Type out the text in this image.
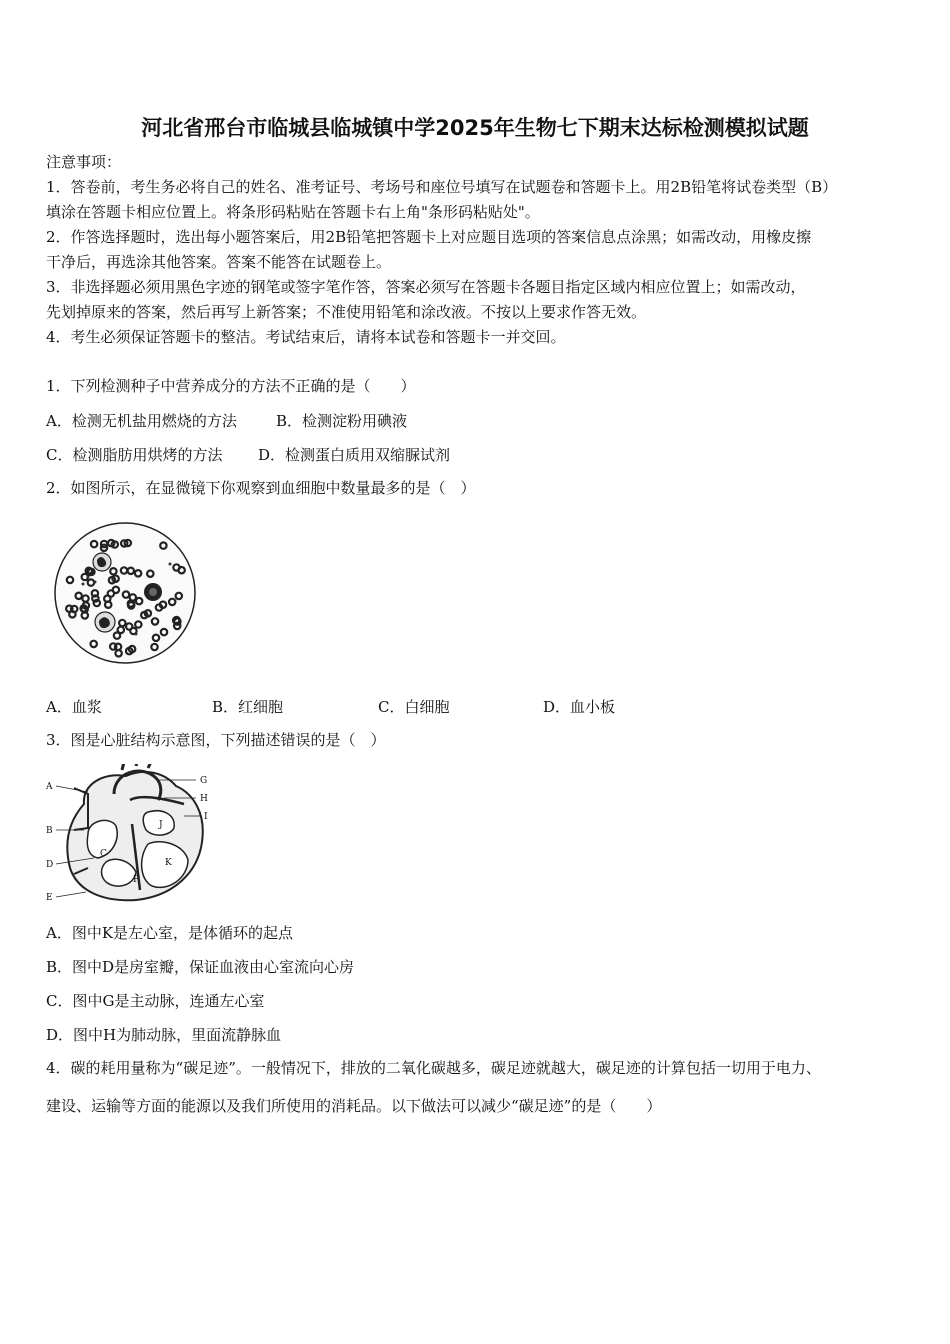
河北省邢台市临城县临城镇中学2025年生物七下期末达标检测模拟试题
注意事项：
1．答卷前，考生务必将自己的姓名、准考证号、考场号和座位号填写在试题卷和答题卡上。用2B铅笔将试卷类型（B）
填涂在答题卡相应位置上。将条形码粘贴在答题卡右上角"条形码粘贴处"。
2．作答选择题时，选出每小题答案后，用2B铅笔把答题卡上对应题目选项的答案信息点涂黑；如需改动，用橡皮擦
干净后，再选涂其他答案。答案不能答在试题卷上。
3．非选择题必须用黑色字迹的钢笔或签字笔作答，答案必须写在答题卡各题目指定区域内相应位置上；如需改动，
先划掉原来的答案，然后再写上新答案；不准使用铅笔和涂改液。不按以上要求作答无效。
4．考生必须保证答题卡的整洁。考试结束后，请将本试卷和答题卡一并交回。
1．下列检测种子中营养成分的方法不正确的是（　　）
A．检测无机盐用燃烧的方法	B．检测淀粉用碘液
C．检测脂肪用烘烤的方法 D．检测蛋白质用双缩脲试剂
2．如图所示，在显微镜下你观察到血细胞中数量最多的是（　）
A．血浆	B．红细胞	C．白细胞	D．血小板
3．图是心脏结构示意图，下列描述错误的是（　）
A
B
C
D
E
F
G
H
I
J
K
A．图中K是左心室，是体循环的起点
B．图中D是房室瓣，保证血液由心室流向心房
C．图中G是主动脉，连通左心室
D．图中H为肺动脉，里面流静脉血
4．碳的耗用量称为“碳足迹”。一般情况下，排放的二氧化碳越多，碳足迹就越大，碳足迹的计算包括一切用于电力、
建设、运输等方面的能源以及我们所使用的消耗品。以下做法可以减少“碳足迹”的是（　　）
